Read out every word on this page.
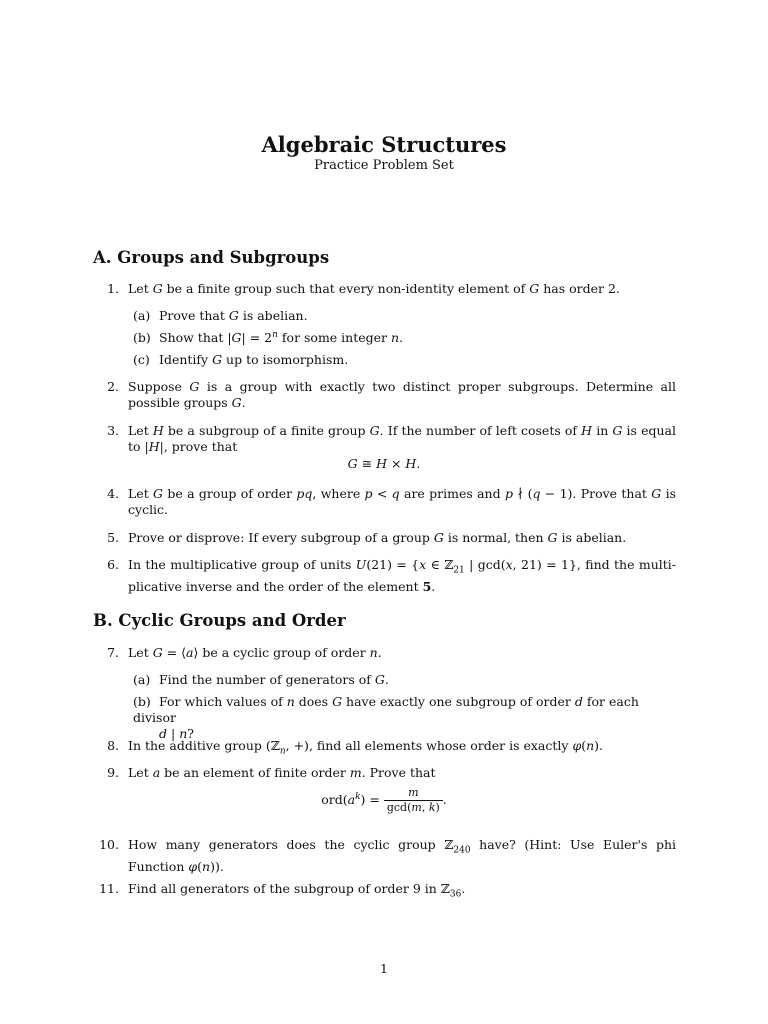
Algebraic Structures
Practice Problem Set
A. Groups and Subgroups
1. Let G be a finite group such that every non-identity element of G has order 2.
(a) Prove that G is abelian.
(b) Show that $|G| = 2^n$ for some integer n.
(c) Identify G up to isomorphism.
2. Suppose G is a group with exactly two distinct proper subgroups. Determine all possible groups G.
3. Let H be a subgroup of a finite group G. If the number of left cosets of H in G is equal to |H|, prove that
G ≅ H × H.
4. Let G be a group of order pq, where p < q are primes and p ∤ (q − 1). Prove that G is cyclic.
5. Prove or disprove: If every subgroup of a group G is normal, then G is abelian.
6. In the multiplicative group of units U(21) = {x ∈ ℤ$_{21}$ | gcd(x, 21) = 1}, find the multi-plicative inverse and the order of the element 5.
B. Cyclic Groups and Order
7. Let G = ⟨a⟩ be a cyclic group of order n.
(a) Find the number of generators of G.
(b) For which values of n does G have exactly one subgroup of order d for each divisor
d | n?
8. In the additive group (ℤ$_n$, +), find all elements whose order is exactly φ(n).
9. Let a be an element of finite order m. Prove that
$ord(a^k) = \frac{m}{\gcd(m, k)}$ .
10. How many generators does the cyclic group ℤ$_{240}$ have? (Hint: Use Euler's phi Function φ(n)).
11. Find all generators of the subgroup of order 9 in ℤ$_{36}$.
1
